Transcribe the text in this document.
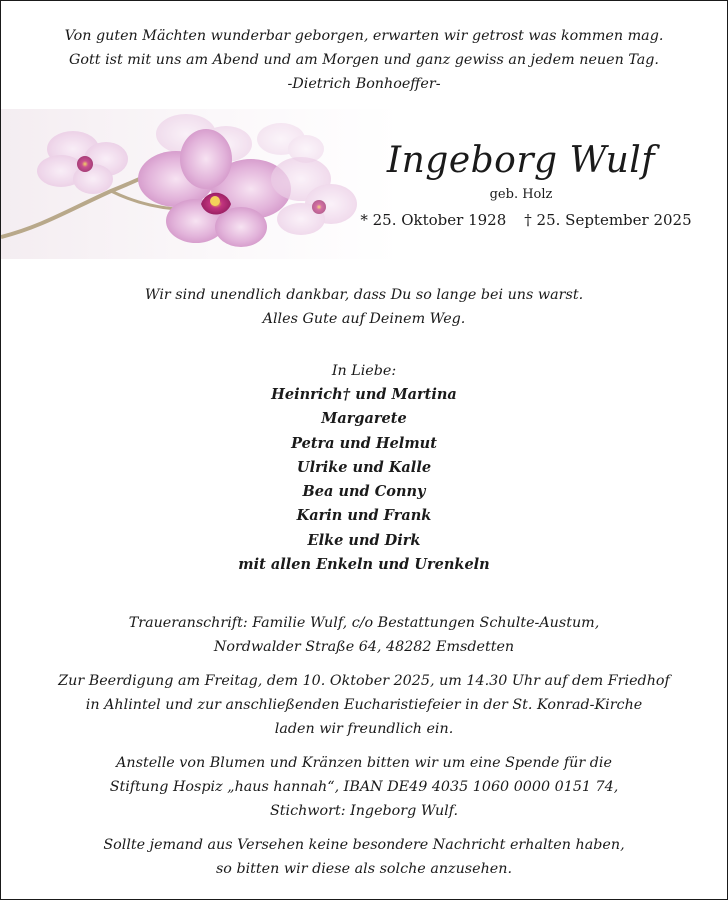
Von guten Mächten wunderbar geborgen, erwarten wir getrost was kommen mag.
Gott ist mit uns am Abend und am Morgen und ganz gewiss an jedem neuen Tag.
-Dietrich Bonhoeffer-
Ingeborg Wulf
geb. Holz
* 25. Oktober 1928 † 25. September 2025
Wir sind unendlich dankbar, dass Du so lange bei uns warst.
Alles Gute auf Deinem Weg.
In Liebe:
Heinrich† und Martina
Margarete
Petra und Helmut
Ulrike und Kalle
Bea und Conny
Karin und Frank
Elke und Dirk
mit allen Enkeln und Urenkeln
Traueranschrift: Familie Wulf, c/o Bestattungen Schulte-Austum,
Nordwalder Straße 64, 48282 Emsdetten
Zur Beerdigung am Freitag, dem 10. Oktober 2025, um 14.30 Uhr auf dem Friedhof
in Ahlintel und zur anschließenden Eucharistiefeier in der St. Konrad-Kirche
laden wir freundlich ein.
Anstelle von Blumen und Kränzen bitten wir um eine Spende für die
Stiftung Hospiz „haus hannah“, IBAN DE49 4035 1060 0000 0151 74,
Stichwort: Ingeborg Wulf.
Sollte jemand aus Versehen keine besondere Nachricht erhalten haben,
so bitten wir diese als solche anzusehen.
